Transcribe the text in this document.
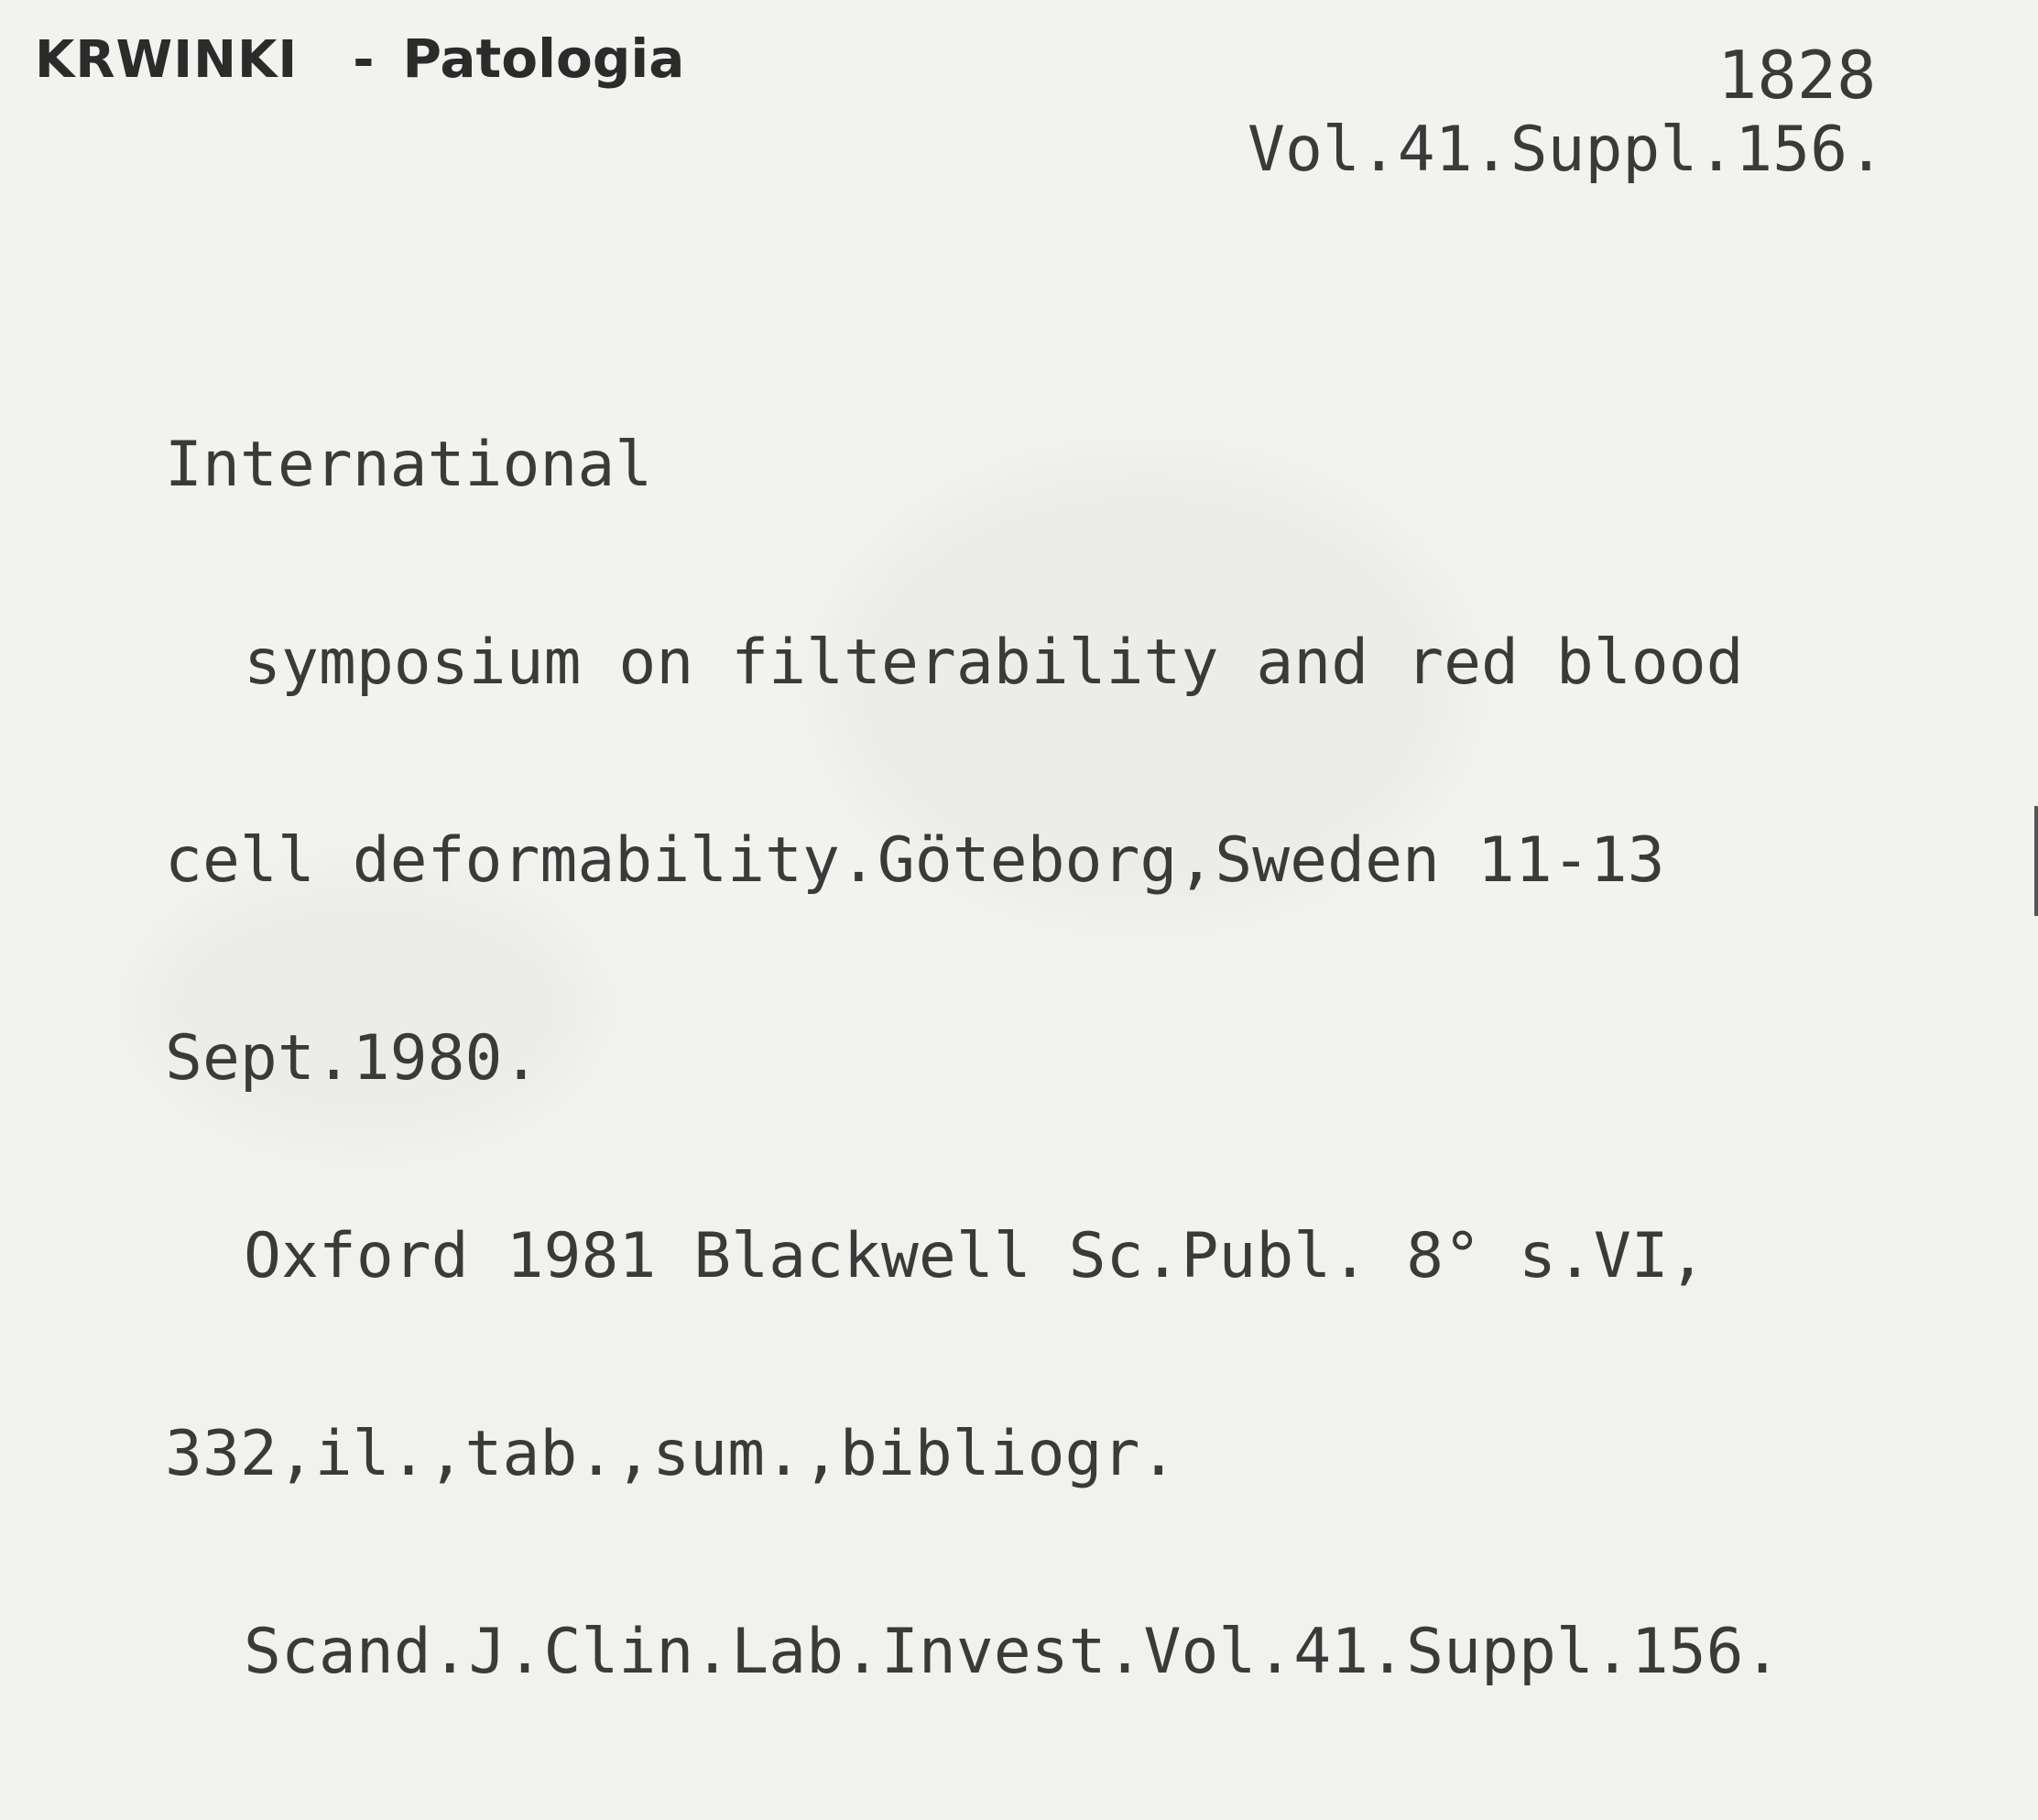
KRWINKI - Patologia	1828
Vol.41.Suppl.156.

International

symposium on filterability and red blood

cell deformability.Göteborg,Sweden 11-13

Sept.1980.

Oxford 1981 Blackwell Sc.Publ. 8° s.VI,

332,il.,tab.,sum.,bibliogr.

Scand.J.Clin.Lab.Invest.Vol.41.Suppl.156.
